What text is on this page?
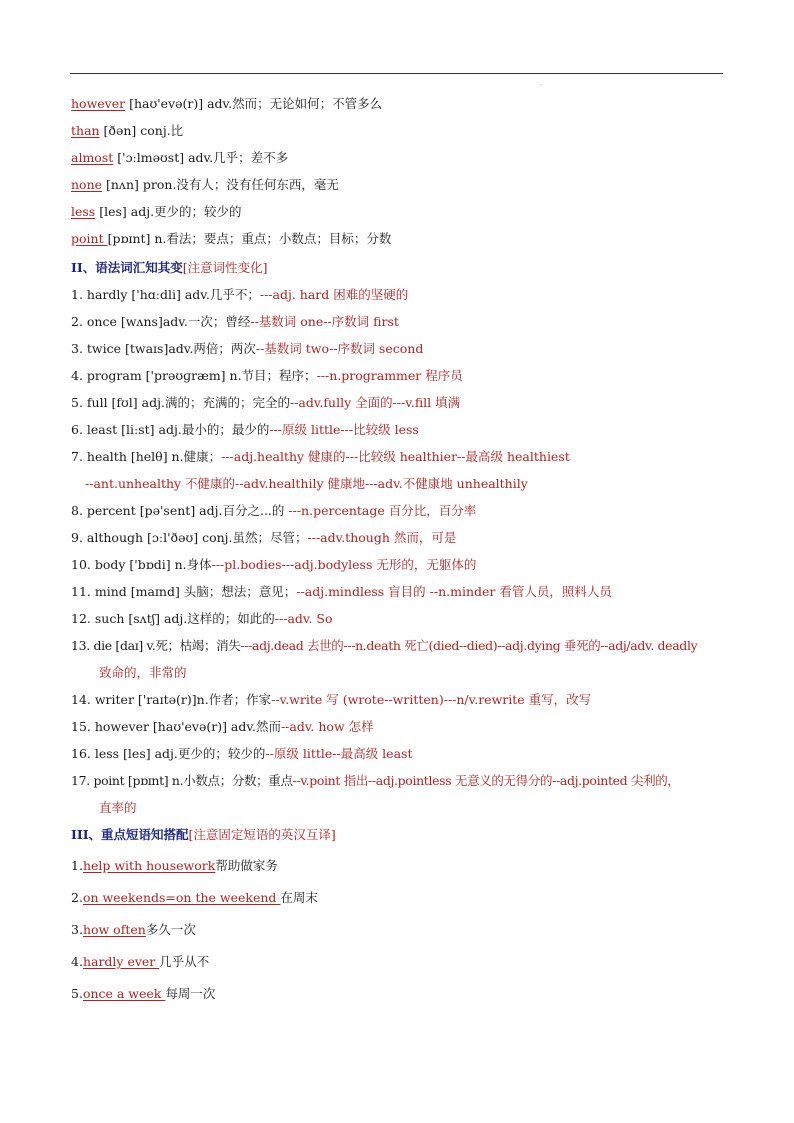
.
however [haʊ'evə(r)] adv.然而；无论如何；不管多么
than [ðən] conj.比
almost ['ɔːlməʊst] adv.几乎；差不多
none [nʌn] pron.没有人；没有任何东西，毫无
less [les] adj.更少的；较少的
point [pɒɪnt] n.看法；要点；重点；小数点；目标；分数
II、语法词汇知其变[注意词性变化]
1. hardly ['hɑːdli] adv.几乎不；---adj. hard 困难的坚硬的
2. once [wʌns]adv.一次；曾经--基数词 one--序数词 first
3. twice [twaɪs]adv.两倍；两次--基数词 two--序数词 second
4. program ['prəʊɡræm] n.节目；程序；---n.programmer 程序员
5. full [fʊl] adj.满的；充满的；完全的--adv.fully 全面的---v.fill 填满
6. least [liːst] adj.最小的；最少的---原级 little---比较级 less
7. health [helθ] n.健康；---adj.healthy 健康的---比较级 healthier--最高级 healthiest
--ant.unhealthy 不健康的--adv.healthily 健康地---adv.不健康地 unhealthily
8. percent [pə'sent] adj.百分之...的 ---n.percentage 百分比，百分率
9. although [ɔːl'ðəʊ] conj.虽然；尽管；---adv.though 然而，可是
10. body ['bɒdi] n.身体---pl.bodies---adj.bodyless 无形的，无躯体的
11. mind [maɪnd] 头脑；想法；意见；--adj.mindless 盲目的 --n.minder 看管人员，照料人员
12. such [sʌtʃ] adj.这样的；如此的---adv. So
13. die [daɪ] v.死；枯竭；消失---adj.dead 去世的---n.death 死亡(died--died)--adj.dying 垂死的--adj/adv. deadly
致命的，非常的
14. writer ['raɪtə(r)]n.作者；作家--v.write 写 (wrote--written)---n/v.rewrite 重写，改写
15. however [haʊ'evə(r)] adv.然而--adv. how 怎样
16. less [les] adj.更少的；较少的--原级 little--最高级 least
17. point [pɒɪnt] n.小数点；分数；重点--v.point 指出--adj.pointless 无意义的无得分的--adj.pointed 尖利的，
直率的
III、重点短语知搭配[注意固定短语的英汉互译]
1.help with housework帮助做家务
2.on weekends=on the weekend 在周末
3.how often多久一次
4.hardly ever 几乎从不
5.once a week 每周一次
